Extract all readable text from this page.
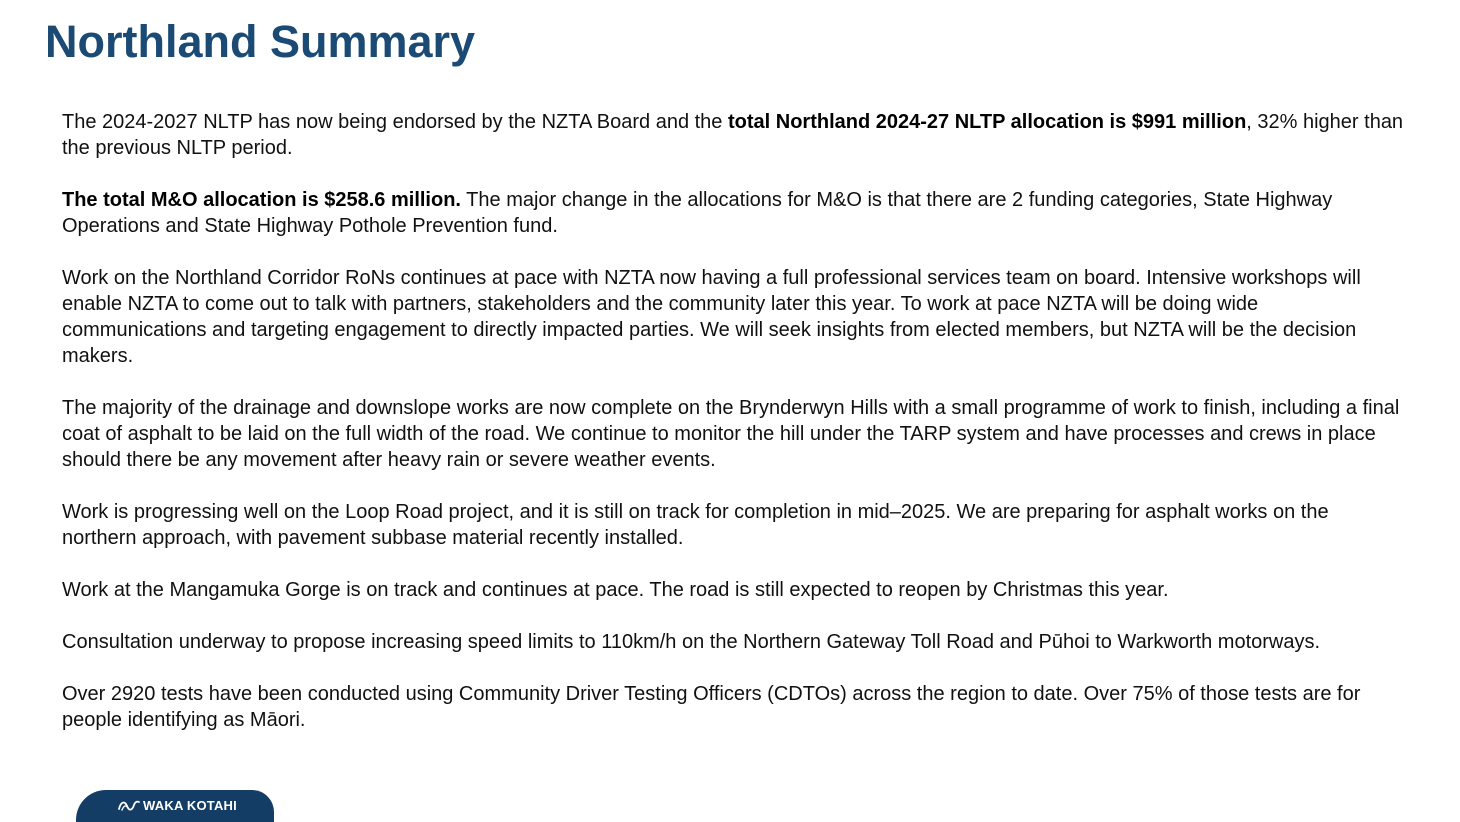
Northland Summary

The 2024-2027 NLTP has now being endorsed by the NZTA Board and the total Northland 2024-27 NLTP allocation is $991 million, 32% higher than the previous NLTP period.

The total M&O allocation is $258.6 million. The major change in the allocations for M&O is that there are 2 funding categories, State Highway Operations and State Highway Pothole Prevention fund.

Work on the Northland Corridor RoNs continues at pace with NZTA now having a full professional services team on board. Intensive workshops will enable NZTA to come out to talk with partners, stakeholders and the community later this year. To work at pace NZTA will be doing wide communications and targeting engagement to directly impacted parties. We will seek insights from elected members, but NZTA will be the decision makers.

The majority of the drainage and downslope works are now complete on the Brynderwyn Hills with a small programme of work to finish, including a final coat of asphalt to be laid on the full width of the road. We continue to monitor the hill under the TARP system and have processes and crews in place should there be any movement after heavy rain or severe weather events.

Work is progressing well on the Loop Road project, and it is still on track for completion in mid–2025. We are preparing for asphalt works on the northern approach, with pavement subbase material recently installed.

Work at the Mangamuka Gorge is on track and continues at pace. The road is still expected to reopen by Christmas this year.

Consultation underway to propose increasing speed limits to 110km/h on the Northern Gateway Toll Road and Pūhoi to Warkworth motorways.

Over 2920 tests have been conducted using Community Driver Testing Officers (CDTOs) across the region to date. Over 75% of those tests are for people identifying as Māori.

WAKA KOTAHI
